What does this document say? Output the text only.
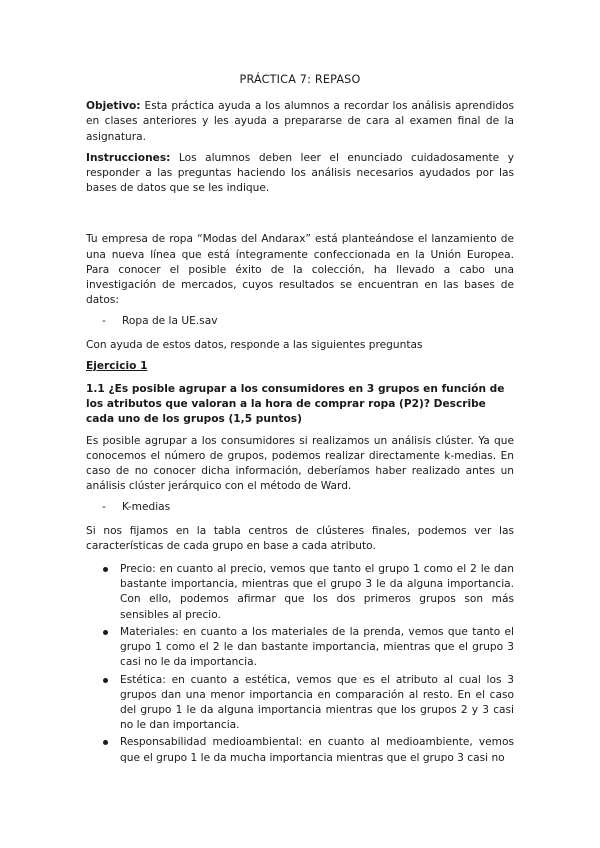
PRÁCTICA 7: REPASO

Objetivo: Esta práctica ayuda a los alumnos a recordar los análisis aprendidos en clases anteriores y les ayuda a prepararse de cara al examen final de la asignatura.

Instrucciones: Los alumnos deben leer el enunciado cuidadosamente y responder a las preguntas haciendo los análisis necesarios ayudados por las bases de datos que se les indique.

Tu empresa de ropa “Modas del Andarax” está planteándose el lanzamiento de una nueva línea que está íntegramente confeccionada en la Unión Europea. Para conocer el posible éxito de la colección, ha llevado a cabo una investigación de mercados, cuyos resultados se encuentran en las bases de datos:

- Ropa de la UE.sav

Con ayuda de estos datos, responde a las siguientes preguntas

Ejercicio 1

1.1 ¿Es posible agrupar a los consumidores en 3 grupos en función de los atributos que valoran a la hora de comprar ropa (P2)? Describe cada uno de los grupos (1,5 puntos)

Es posible agrupar a los consumidores si realizamos un análisis clúster. Ya que conocemos el número de grupos, podemos realizar directamente k-medias. En caso de no conocer dicha información, deberíamos haber realizado antes un análisis clúster jerárquico con el método de Ward.

- K-medias

Si nos fijamos en la tabla centros de clústeres finales, podemos ver las características de cada grupo en base a cada atributo.

Precio: en cuanto al precio, vemos que tanto el grupo 1 como el 2 le dan bastante importancia, mientras que el grupo 3 le da alguna importancia. Con ello, podemos afirmar que los dos primeros grupos son más sensibles al precio.
Materiales: en cuanto a los materiales de la prenda, vemos que tanto el grupo 1 como el 2 le dan bastante importancia, mientras que el grupo 3 casi no le da importancia.
Estética: en cuanto a estética, vemos que es el atributo al cual los 3 grupos dan una menor importancia en comparación al resto. En el caso del grupo 1 le da alguna importancia mientras que los grupos 2 y 3 casi no le dan importancia.
Responsabilidad medioambiental: en cuanto al medioambiente, vemos que el grupo 1 le da mucha importancia mientras que el grupo 3 casi no
